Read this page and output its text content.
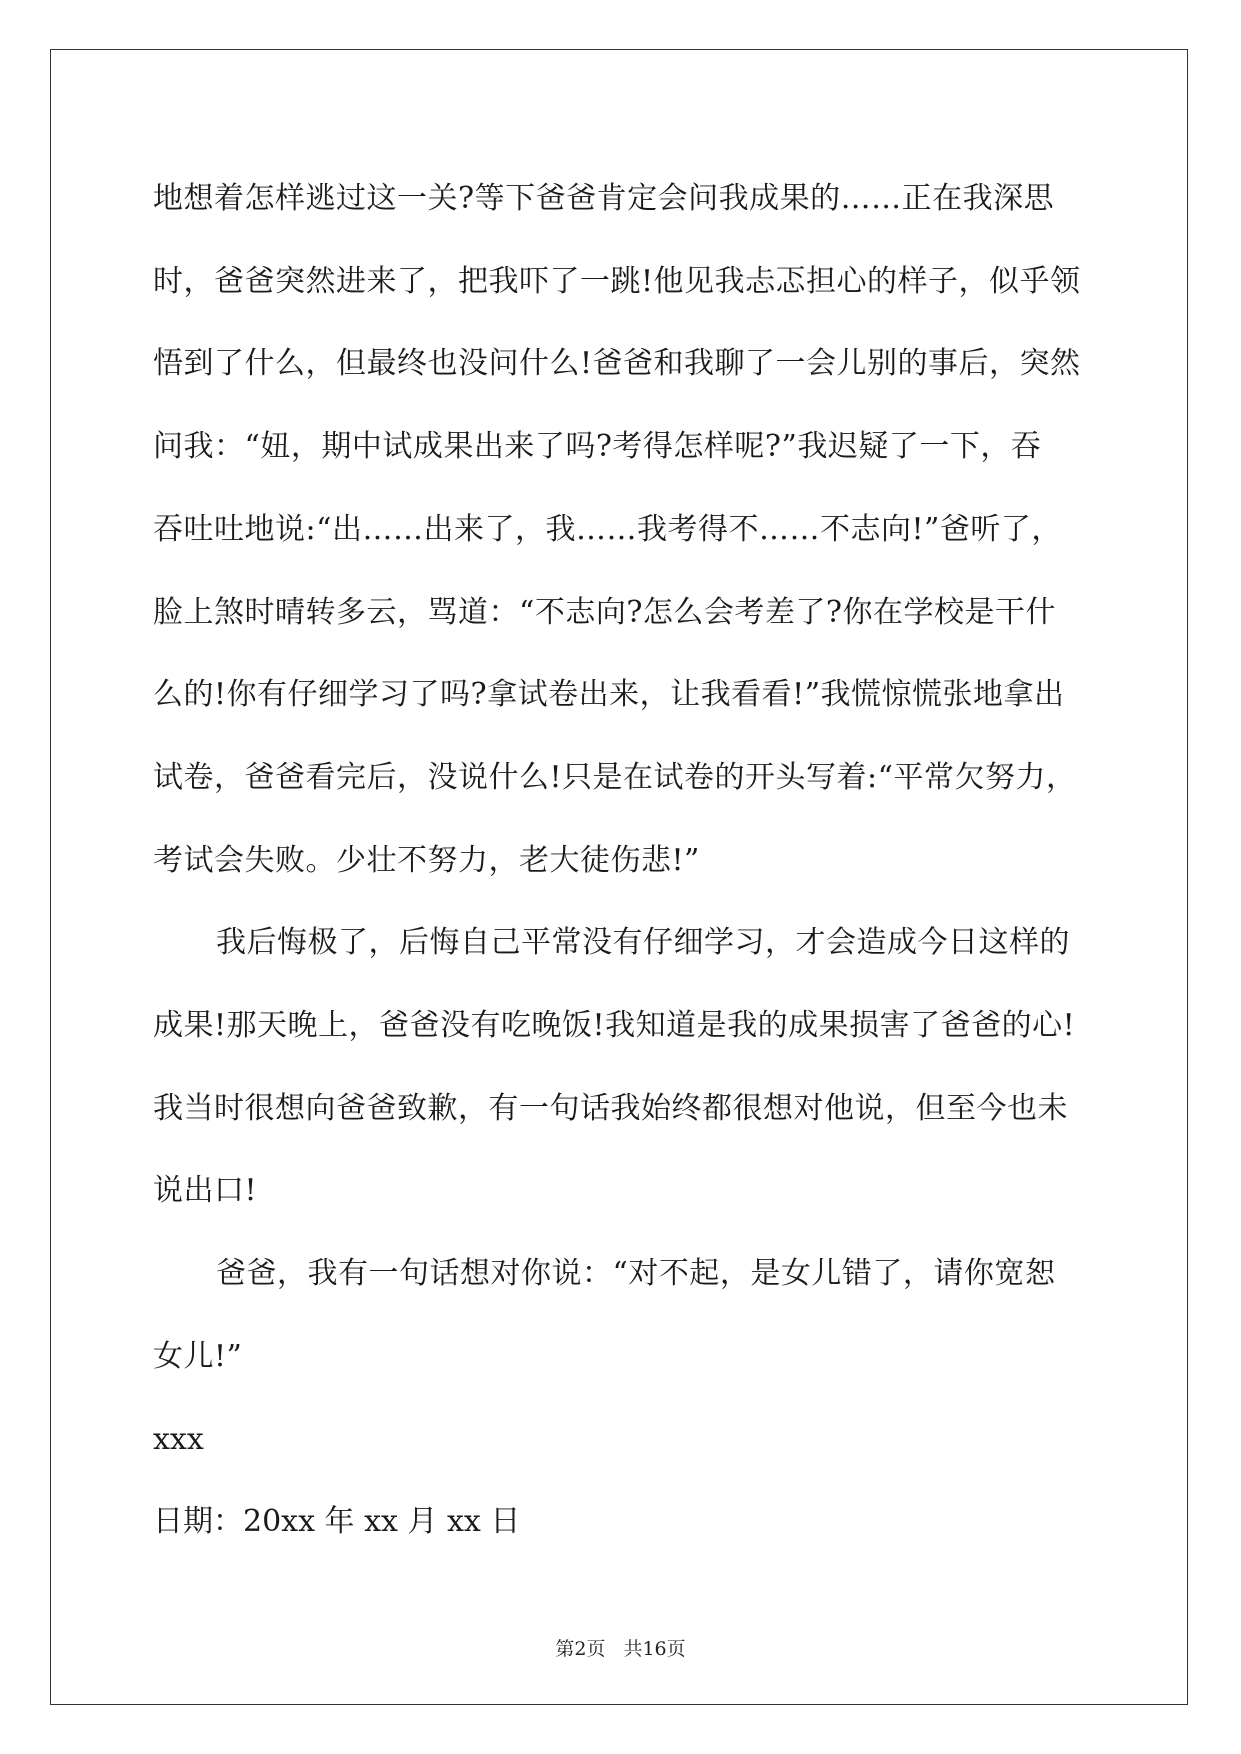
地想着怎样逃过这一关?等下爸爸肯定会问我成果的……正在我深思
时，爸爸突然进来了，把我吓了一跳!他见我忐忑担心的样子，似乎领
悟到了什么，但最终也没问什么!爸爸和我聊了一会儿别的事后，突然
问我：“妞，期中试成果出来了吗?考得怎样呢?”我迟疑了一下，吞
吞吐吐地说:“出……出来了，我……我考得不……不志向!”爸听了，
脸上煞时晴转多云，骂道：“不志向?怎么会考差了?你在学校是干什
么的!你有仔细学习了吗?拿试卷出来，让我看看!”我慌惊慌张地拿出
试卷，爸爸看完后，没说什么!只是在试卷的开头写着:“平常欠努力，
考试会失败。少壮不努力，老大徒伤悲!”

我后悔极了，后悔自己平常没有仔细学习，才会造成今日这样的
成果!那天晚上，爸爸没有吃晚饭!我知道是我的成果损害了爸爸的心!
我当时很想向爸爸致歉，有一句话我始终都很想对他说，但至今也未
说出口!

爸爸，我有一句话想对你说：“对不起，是女儿错了，请你宽恕
女儿!”

xxx

日期：20xx 年 xx 月 xx 日

第2页 共16页
